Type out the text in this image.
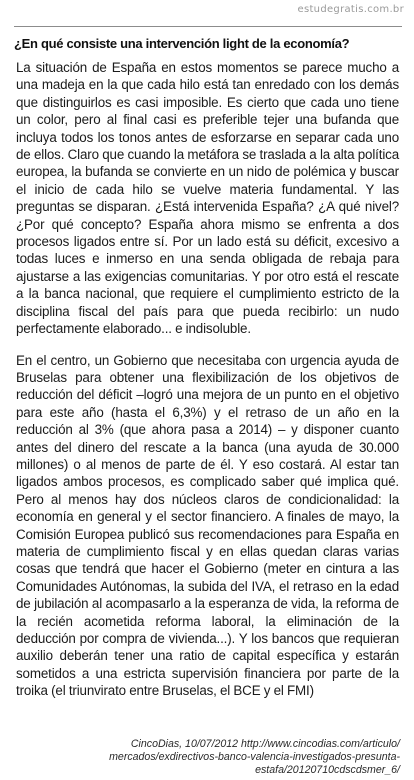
estudegratis.com.br
¿En qué consiste una intervención light de la economía?

La situación de España en estos momentos se parece mucho a una madeja en la que cada hilo está tan enredado con los demás que distinguirlos es casi imposible. Es cierto que cada uno tiene un color, pero al final casi es preferible tejer una bufanda que incluya todos los tonos antes de esforzarse en separar cada uno de ellos. Claro que cuando la metáfora se traslada a la alta política europea, la bufanda se convierte en un nido de polémica y buscar el inicio de cada hilo se vuelve materia fundamental. Y las preguntas se disparan. ¿Está intervenida España? ¿A qué nivel? ¿Por qué concepto? España ahora mismo se enfrenta a dos procesos ligados entre sí. Por un lado está su déficit, excesivo a todas luces e inmerso en una senda obligada de rebaja para ajustarse a las exigencias comunitarias. Y por otro está el rescate a la banca nacional, que requiere el cumplimiento estricto de la disciplina fiscal del país para que pueda recibirlo: un nudo perfectamente elaborado... e indisoluble.

En el centro, un Gobierno que necesitaba con urgencia ayuda de Bruselas para obtener una flexibilización de los objetivos de reducción del déficit –logró una mejora de un punto en el objetivo para este año (hasta el 6,3%) y el retraso de un año en la reducción al 3% (que ahora pasa a 2014) – y disponer cuanto antes del dinero del rescate a la banca (una ayuda de 30.000 millones) o al menos de parte de él. Y eso costará. Al estar tan ligados ambos procesos, es complicado saber qué implica qué. Pero al menos hay dos núcleos claros de condicionalidad: la economía en general y el sector financiero. A finales de mayo, la Comisión Europea publicó sus recomendaciones para España en materia de cumplimiento fiscal y en ellas quedan claras varias cosas que tendrá que hacer el Gobierno (meter en cintura a las Comunidades Autónomas, la subida del IVA, el retraso en la edad de jubilación al acompasarlo a la esperanza de vida, la reforma de la recién acometida reforma laboral, la eliminación de la deducción por compra de vivienda...). Y los bancos que requieran auxilio deberán tener una ratio de capital específica y estarán sometidos a una estricta supervisión financiera por parte de la troika (el triunvirato entre Bruselas, el BCE y el FMI)

CincoDias, 10/07/2012 http://www.cincodias.com/articulo/
mercados/exdirectivos-banco-valencia-investigados-presunta-
estafa/20120710cdscdsmer_6/
